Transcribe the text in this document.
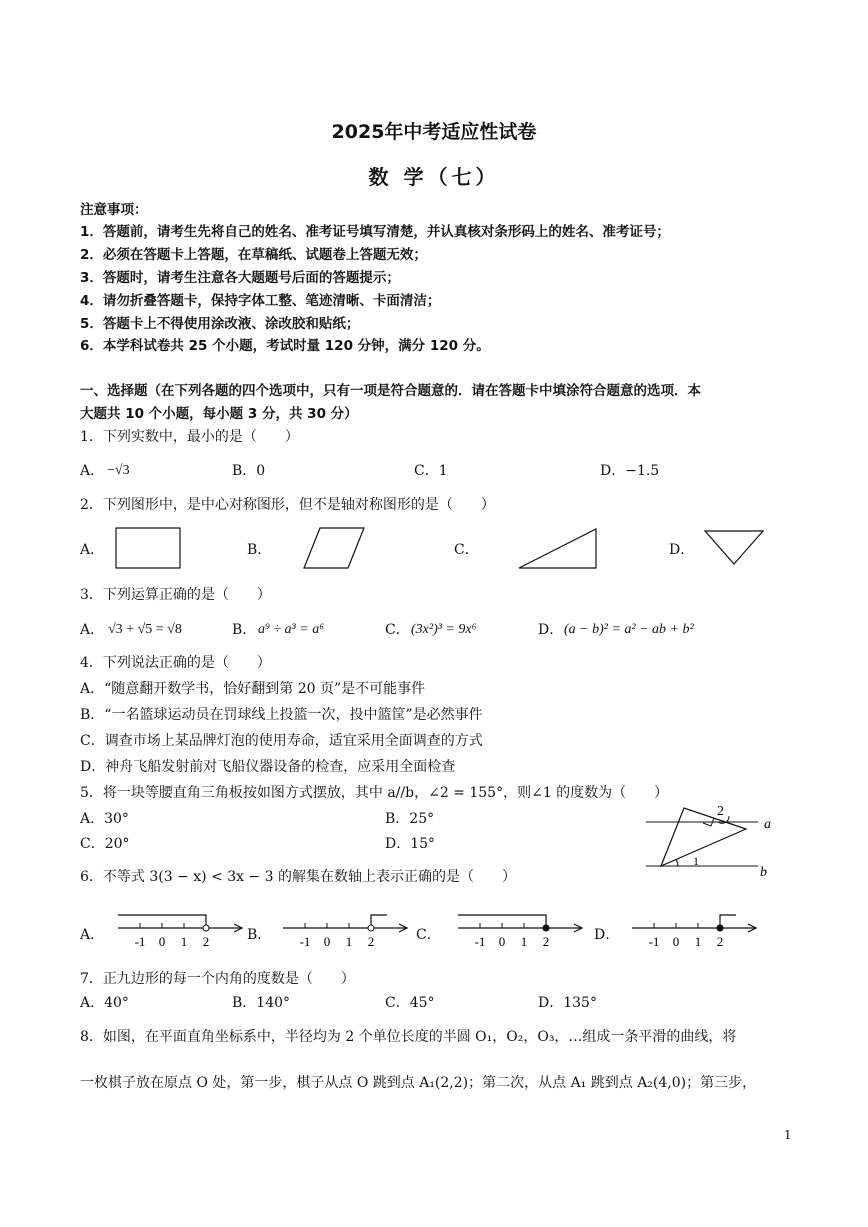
2025年中考适应性试卷
数 学（七）
注意事项：
1．答题前，请考生先将自己的姓名、准考证号填写清楚，并认真核对条形码上的姓名、准考证号；
2．必须在答题卡上答题，在草稿纸、试题卷上答题无效；
3．答题时，请考生注意各大题题号后面的答题提示；
4．请勿折叠答题卡，保持字体工整、笔迹清晰、卡面清洁；
5．答题卡上不得使用涂改液、涂改胶和贴纸；
6．本学科试卷共 25 个小题，考试时量 120 分钟，满分 120 分。
一、选择题（在下列各题的四个选项中，只有一项是符合题意的．请在答题卡中填涂符合题意的选项．本
大题共 10 个小题，每小题 3 分，共 30 分）
1．下列实数中，最小的是（　　）
A． −√3	B．0	C．1	D．−1.5
2．下列图形中，是中心对称图形，但不是轴对称图形的是（　　）
A．	B．	C．	D．
3．下列运算正确的是（　　）
A． √3 + √5 = √8	B． a⁹ ÷ a³ = a⁶	C． (3x²)³ = 9x⁶	D． (a − b)² = a² − ab + b²
4．下列说法正确的是（　　）
A．“随意翻开数学书，恰好翻到第 20 页”是不可能事件
B．“一名篮球运动员在罚球线上投篮一次，投中篮筐”是必然事件
C．调查市场上某品牌灯泡的使用寿命，适宜采用全面调查的方式
D．神舟飞船发射前对飞船仪器设备的检查，应采用全面检查
5．将一块等腰直角三角板按如图方式摆放，其中 a//b，∠2 = 155°，则∠1 的度数为（　　）
A．30°	B．25°
C．20°	D．15°
2
1
a
b
6．不等式 3(3 − x) < 3x − 3 的解集在数轴上表示正确的是（　　）
A．	B．	C．	D．
-1 0 1 2	-1 0 1 2	-1 0 1 2	-1 0 1 2
7．正九边形的每一个内角的度数是（　　）
A．40°	B．140°	C．45°	D．135°
8．如图，在平面直角坐标系中，半径均为 2 个单位长度的半圆 O₁，O₂，O₃，…组成一条平滑的曲线，将
一枚棋子放在原点 O 处，第一步，棋子从点 O 跳到点 A₁(2,2)；第二次，从点 A₁ 跳到点 A₂(4,0)；第三步，
1
